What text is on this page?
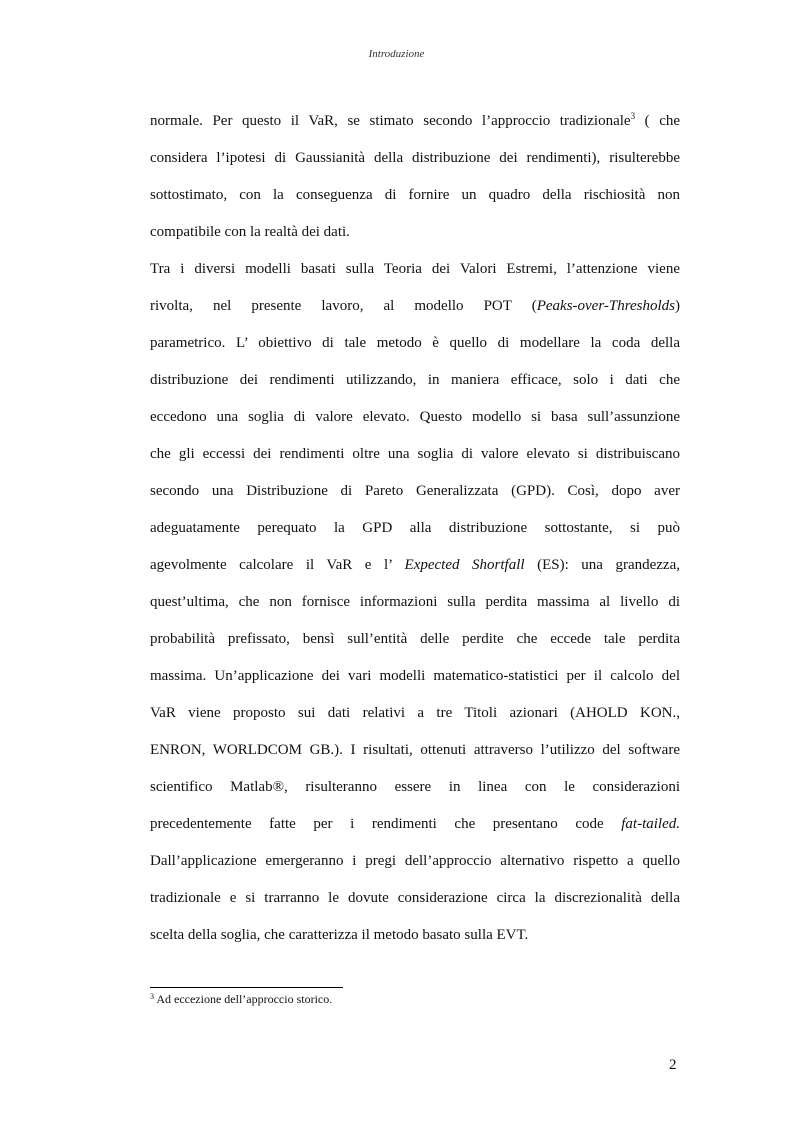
Introduzione
normale. Per questo il VaR, se stimato secondo l’approccio tradizionale$^3$ ( che
considera l’ipotesi di Gaussianità della distribuzione dei rendimenti), risulterebbe
sottostimato, con la conseguenza di fornire un quadro della rischiosità non
compatibile con la realtà dei dati.
Tra i diversi modelli basati sulla Teoria dei Valori Estremi, l’attenzione viene
rivolta, nel presente lavoro, al modello POT (Peaks-over-Thresholds)
parametrico. L’ obiettivo di tale metodo è quello di modellare la coda della
distribuzione dei rendimenti utilizzando, in maniera efficace, solo i dati che
eccedono una soglia di valore elevato. Questo modello si basa sull’assunzione
che gli eccessi dei rendimenti oltre una soglia di valore elevato si distribuiscano
secondo una Distribuzione di Pareto Generalizzata (GPD). Così, dopo aver
adeguatamente perequato la GPD alla distribuzione sottostante, si può
agevolmente calcolare il VaR e l’ Expected Shortfall (ES): una grandezza,
quest’ultima, che non fornisce informazioni sulla perdita massima al livello di
probabilità prefissato, bensì sull’entità delle perdite che eccede tale perdita
massima. Un’applicazione dei vari modelli matematico-statistici per il calcolo del
VaR viene proposto sui dati relativi a tre Titoli azionari (AHOLD KON.,
ENRON, WORLDCOM GB.). I risultati, ottenuti attraverso l’utilizzo del software
scientifico Matlab®, risulteranno essere in linea con le considerazioni
precedentemente fatte per i rendimenti che presentano code fat-tailed.
Dall’applicazione emergeranno i pregi dell’approccio alternativo rispetto a quello
tradizionale e si trarranno le dovute considerazione circa la discrezionalità della
scelta della soglia, che caratterizza il metodo basato sulla EVT.
$^3$ Ad eccezione dell’approccio storico.
2
